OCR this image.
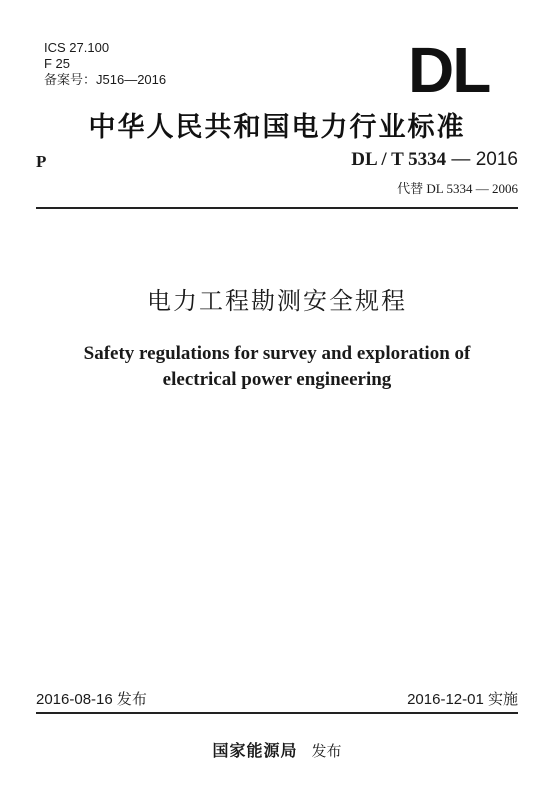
ICS 27.100
F 25
备案号：J516—2016	DL
中华人民共和国电力行业标准
P	DL / T 5334 — 2016
代替 DL 5334 — 2006
电力工程勘测安全规程
Safety regulations for survey and exploration of
electrical power engineering
2016-08-16 发布	2016-12-01 实施
国家能源局 发布
